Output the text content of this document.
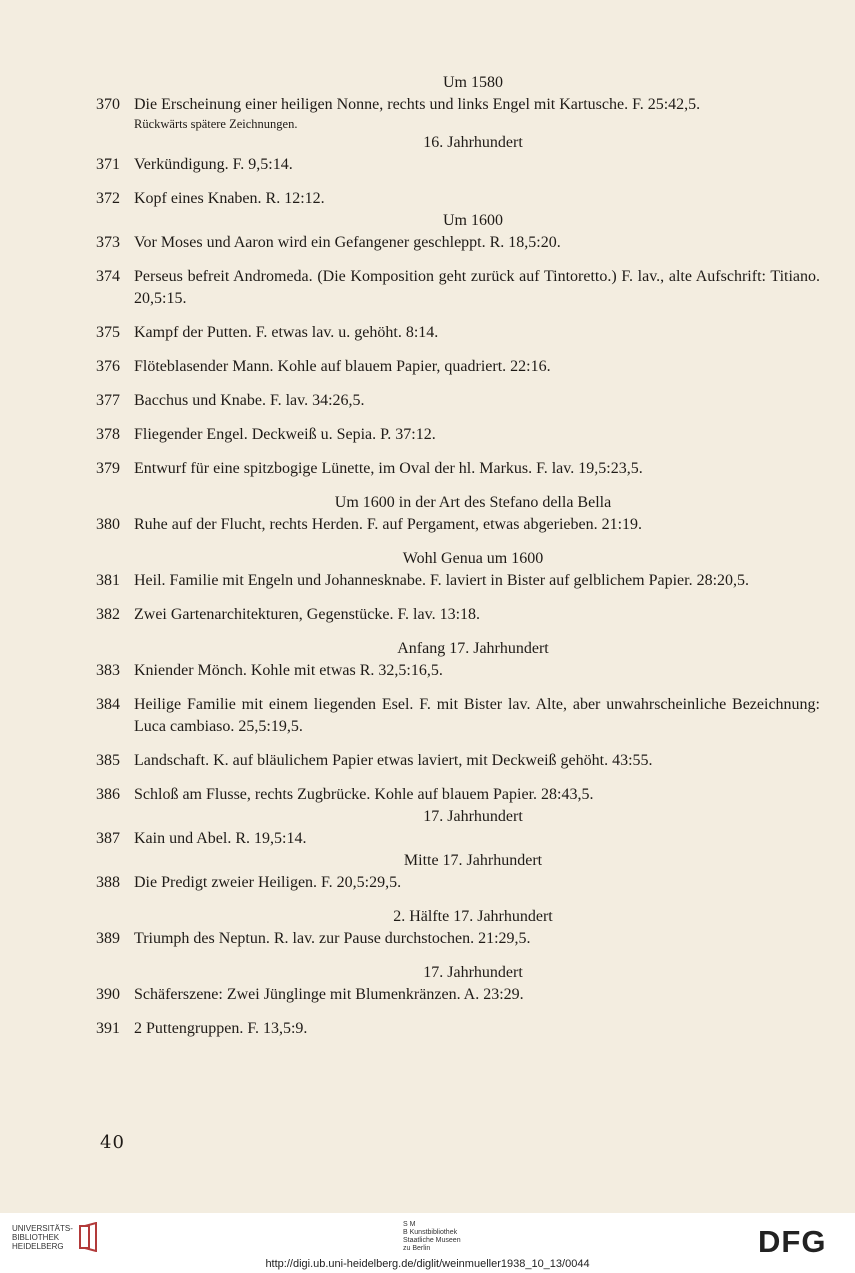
Um 1580

370 Die Erscheinung einer heiligen Nonne, rechts und links Engel mit Kartusche. F. 25:42,5.
Rückwärts spätere Zeichnungen.

16. Jahrhundert

371 Verkündigung. F. 9,5:14.
372 Kopf eines Knaben. R. 12:12.

Um 1600

373 Vor Moses und Aaron wird ein Gefangener geschleppt. R. 18,5:20.
374 Perseus befreit Andromeda. (Die Komposition geht zurück auf Tintoretto.) F. lav., alte Aufschrift: Titiano. 20,5:15.
375 Kampf der Putten. F. etwas lav. u. gehöht. 8:14.
376 Flöteblasender Mann. Kohle auf blauem Papier, quadriert. 22:16.
377 Bacchus und Knabe. F. lav. 34:26,5.
378 Fliegender Engel. Deckweiß u. Sepia. P. 37:12.
379 Entwurf für eine spitzbogige Lünette, im Oval der hl. Markus. F. lav. 19,5:23,5.

Um 1600 in der Art des Stefano della Bella

380 Ruhe auf der Flucht, rechts Herden. F. auf Pergament, etwas abgerieben. 21:19.

Wohl Genua um 1600

381 Heil. Familie mit Engeln und Johannesknabe. F. laviert in Bister auf gelblichem Papier. 28:20,5.
382 Zwei Gartenarchitekturen, Gegenstücke. F. lav. 13:18.

Anfang 17. Jahrhundert

383 Kniender Mönch. Kohle mit etwas R. 32,5:16,5.
384 Heilige Familie mit einem liegenden Esel. F. mit Bister lav. Alte, aber unwahrscheinliche Bezeichnung: Luca cambiaso. 25,5:19,5.
385 Landschaft. K. auf bläulichem Papier etwas laviert, mit Deckweiß gehöht. 43:55.
386 Schloß am Flusse, rechts Zugbrücke. Kohle auf blauem Papier. 28:43,5.

17. Jahrhundert

387 Kain und Abel. R. 19,5:14.

Mitte 17. Jahrhundert

388 Die Predigt zweier Heiligen. F. 20,5:29,5.

2. Hälfte 17. Jahrhundert

389 Triumph des Neptun. R. lav. zur Pause durchstochen. 21:29,5.

17. Jahrhundert

390 Schäferszene: Zwei Jünglinge mit Blumenkränzen. A. 23:29.
391 2 Puttengruppen. F. 13,5:9.
40
UNIVERSITÄTS-
BIBLIOTHEK
HEIDELBERG
S M
B Kunstbibliothek
Staatliche Museen
zu Berlin	DFG
http://digi.ub.uni-heidelberg.de/diglit/weinmueller1938_10_13/0044
